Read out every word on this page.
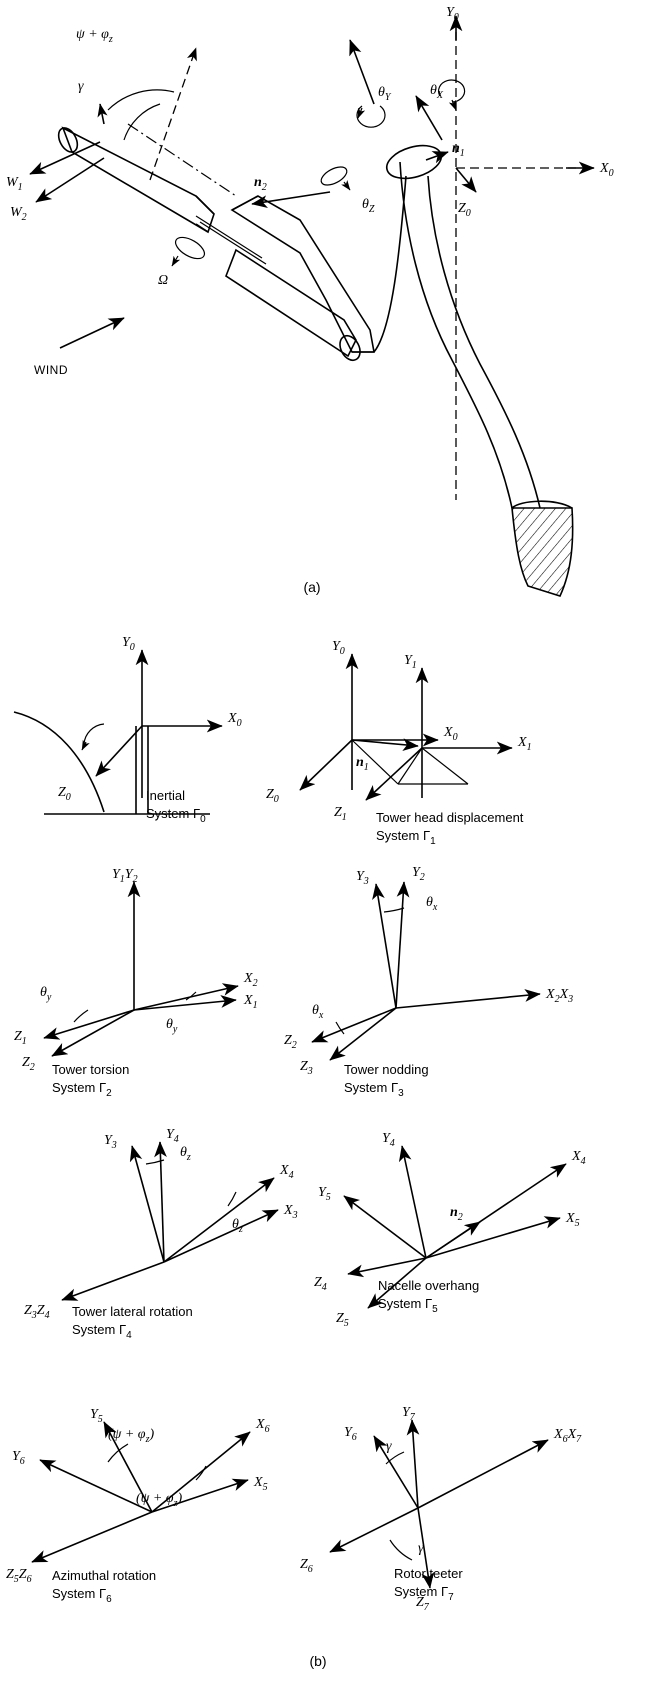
$\psi + \varphi_z$
γ
$W_1$
$W_2$
Ω
WIND
$\theta_Y$	$\theta_X$
$\theta_Z$
$n_1$
$n_2$
$Y_0$
$X_0$
$Z_0$
(a)
$Y_0$
$X_0$
$Z_0$	Inertial
System $\Gamma_0$
$Y_0$
$Y_1$
$X_0$	$X_1$
$Z_0$
$Z_1$
$n_1$
Tower head displacement
System $\Gamma_1$
$Y_1Y_2$
$X_2$
$X_1$
$Z_1$
$Z_2$
$\theta_y$
$\theta_y$
Tower torsion
System $\Gamma_2$
$Y_3$
$Y_2$
$X_2X_3$
$Z_2$
$Z_3$
$\theta_x$
$\theta_x$
Tower nodding
System $\Gamma_3$
$Y_3$
$Y_4$
$X_4$
$X_3$
$Z_3Z_4$
$\theta_z$
$\theta_z$
Tower lateral rotation
System $\Gamma_4$
$Y_4$
$Y_5$
$X_4$
$X_5$
$Z_4$
$Z_5$
$n_2$
Nacelle overhang
System $\Gamma_5$
$Y_5$
$Y_6$
$X_6$
$X_5$
$Z_5Z_6$
$(\psi + \varphi_z)$
$(\psi + \varphi_z)$
Azimuthal rotation
System $\Gamma_6$
$Y_7$
$Y_6$	$X_6X_7$
$Z_6$
$Z_7$
γ
γ
Rotor teeter
System $\Gamma_7$
(b)
